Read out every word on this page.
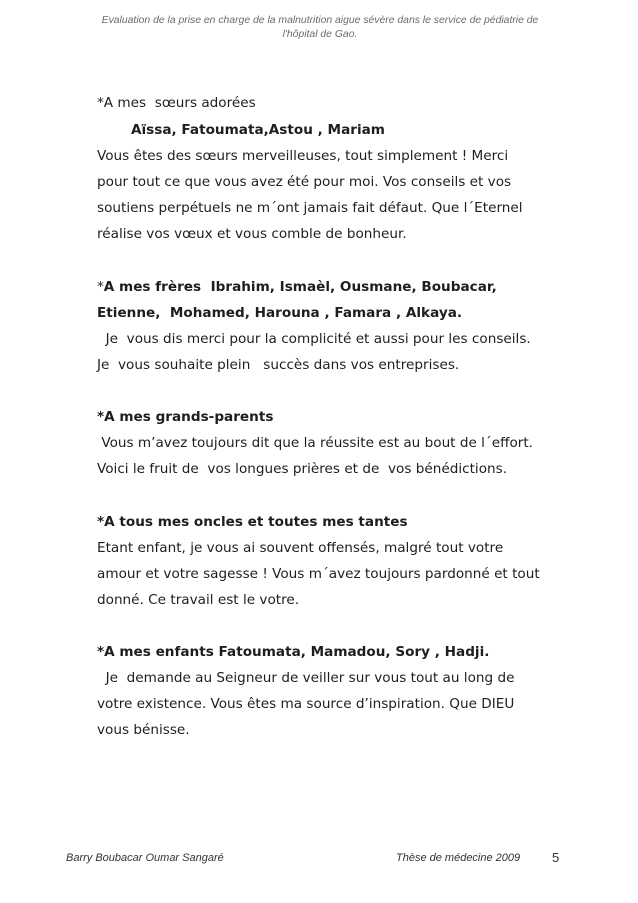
Evaluation de la prise en charge de la malnutrition aigue sévère dans le service de pédiatrie de
l'hôpital de Gao.
*A mes  sœurs adorées
Aïssa, Fatoumata,Astou , Mariam
Vous êtes des sœurs merveilleuses, tout simplement ! Merci
pour tout ce que vous avez été pour moi. Vos conseils et vos
soutiens perpétuels ne m´ont jamais fait défaut. Que l´Eternel
réalise vos vœux et vous comble de bonheur.
*A mes frères  Ibrahim, Ismaèl, Ousmane, Boubacar,
Etienne,  Mohamed, Harouna , Famara , Alkaya.
Je  vous dis merci pour la complicité et aussi pour les conseils.
Je  vous souhaite plein   succès dans vos entreprises.
*A mes grands-parents
Vous m’avez toujours dit que la réussite est au bout de l´effort.
Voici le fruit de  vos longues prières et de  vos bénédictions.
*A tous mes oncles et toutes mes tantes
Etant enfant, je vous ai souvent offensés, malgré tout votre
amour et votre sagesse ! Vous m´avez toujours pardonné et tout
donné. Ce travail est le votre.
*A mes enfants Fatoumata, Mamadou, Sory , Hadji.
Je  demande au Seigneur de veiller sur vous tout au long de
votre existence. Vous êtes ma source d’inspiration. Que DIEU
vous bénisse.
Barry Boubacar Oumar Sangaré	Thèse de médecine 2009 5
